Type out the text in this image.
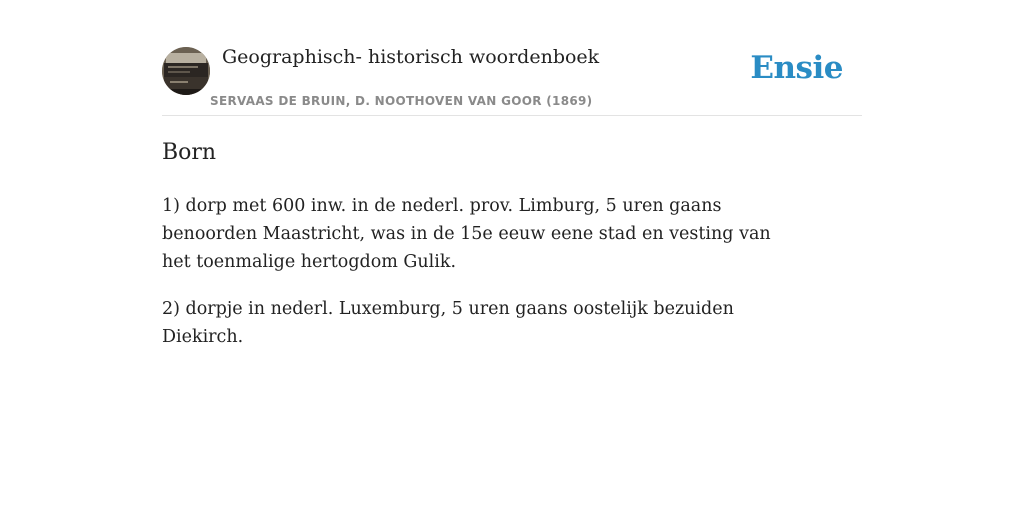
Geographisch- historisch woordenboek
SERVAAS DE BRUIN, D. NOOTHOVEN VAN GOOR (1869)
Ensie
Born

1) dorp met 600 inw. in de nederl. prov. Limburg, 5 uren gaans benoorden Maastricht, was in de 15e eeuw eene stad en vesting van het toenmalige hertogdom Gulik.

2) dorpje in nederl. Luxemburg, 5 uren gaans oostelijk bezuiden Diekirch.
